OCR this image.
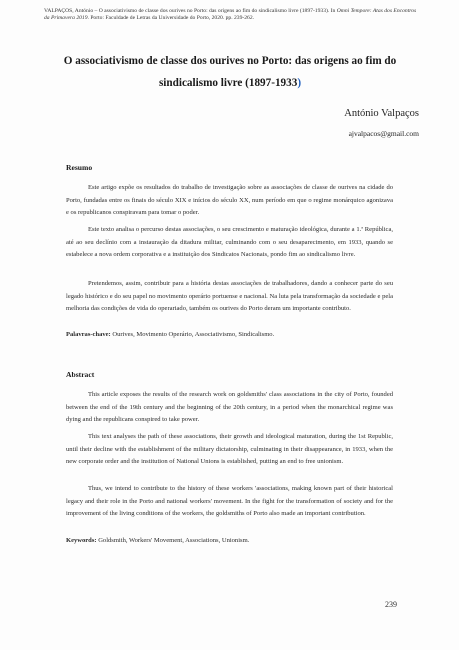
VALPAÇOS, António – O associativismo de classe dos ourives no Porto: das origens ao fim do sindicalismo livre (1897-1933). In Omni Tempore: Atas dos Encontros da Primavera 2019. Porto: Faculdade de Letras da Universidade do Porto, 2020. pp. 239-262.
O associativismo de classe dos ourives no Porto: das origens ao fim do sindicalismo livre (1897-1933)
António Valpaços
ajvalpacos@gmail.com
Resumo
Este artigo expõe os resultados do trabalho de investigação sobre as associações de classe de ourives na cidade do Porto, fundadas entre os finais do século XIX e inícios do século XX, num período em que o regime monárquico agonizava e os republicanos conspiravam para tomar o poder.
Este texto analisa o percurso destas associações, o seu crescimento e maturação ideológica, durante a 1.ª República, até ao seu declínio com a instauração da ditadura militar, culminando com o seu desaparecimento, em 1933, quando se estabelece a nova ordem corporativa e a instituição dos Sindicatos Nacionais, pondo fim ao sindicalismo livre.
Pretendemos, assim, contribuir para a história destas associações de trabalhadores, dando a conhecer parte do seu legado histórico e do seu papel no movimento operário portuense e nacional. Na luta pela transformação da sociedade e pela melhoria das condições de vida do operariado, também os ourives do Porto deram um importante contributo.
Palavras-chave: Ourives, Movimento Operário, Associativismo, Sindicalismo.
Abstract
This article exposes the results of the research work on goldsmiths' class associations in the city of Porto, founded between the end of the 19th century and the beginning of the 20th century, in a period when the monarchical regime was dying and the republicans conspired to take power.
This text analyses the path of these associations, their growth and ideological maturation, during the 1st Republic, until their decline with the establishment of the military dictatorship, culminating in their disappearance, in 1933, when the new corporate order and the institution of National Unions is established, putting an end to free unionism.
Thus, we intend to contribute to the history of these workers 'associations, making known part of their historical legacy and their role in the Porto and national workers' movement. In the fight for the transformation of society and for the improvement of the living conditions of the workers, the goldsmiths of Porto also made an important contribution.
Keywords: Goldsmith, Workers' Movement, Associations, Unionism.
239
